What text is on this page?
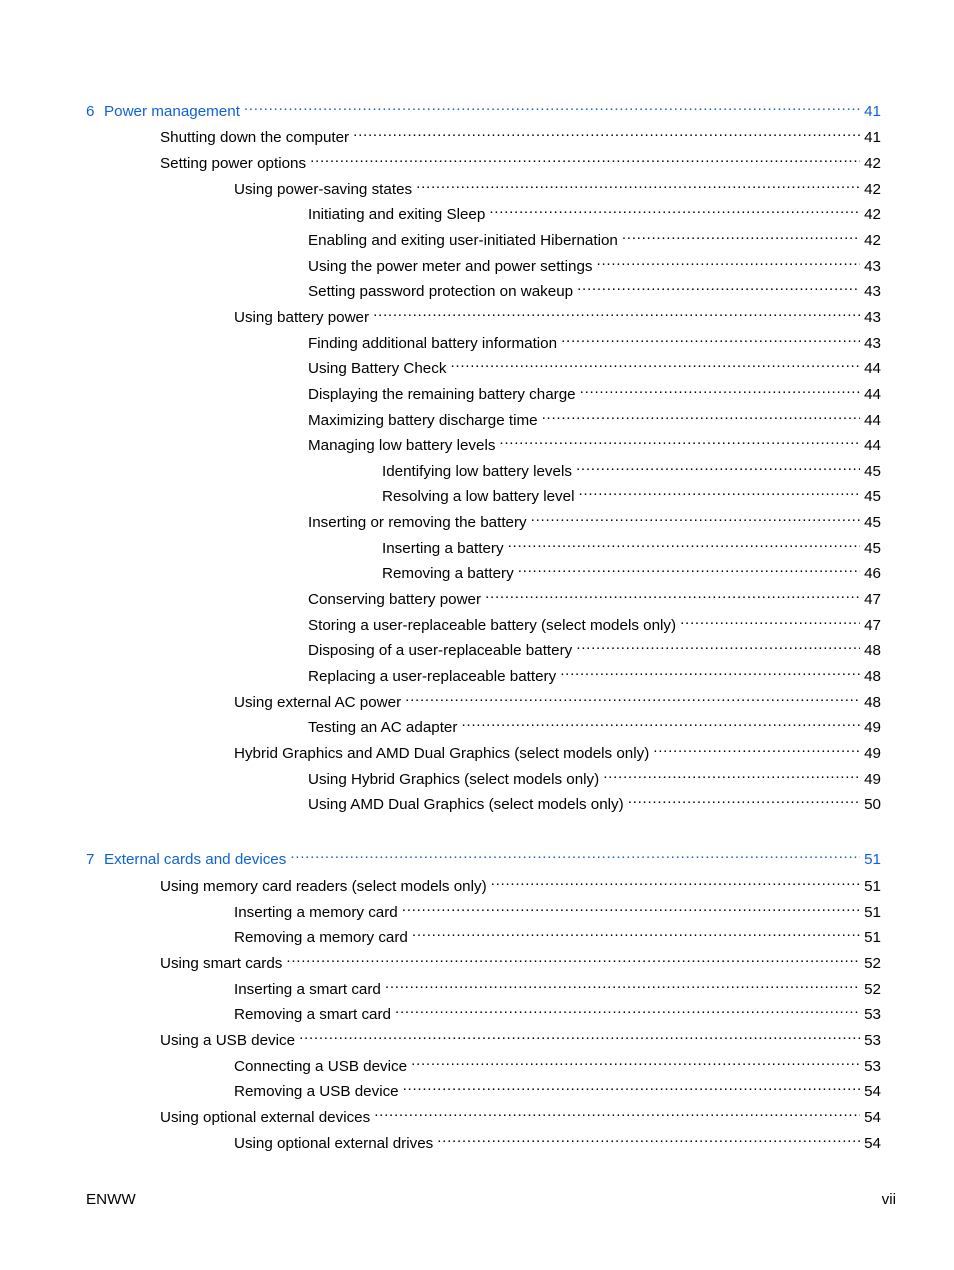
6 Power management . . .	41
Shutting down the computer . . .	41
Setting power options . . .	42
Using power-saving states . . .	42
Initiating and exiting Sleep . . .	42
Enabling and exiting user-initiated Hibernation . . .	42
Using the power meter and power settings . . .	43
Setting password protection on wakeup . . .	43
Using battery power . . .	43
Finding additional battery information . . .	43
Using Battery Check . . .	44
Displaying the remaining battery charge . . .	44
Maximizing battery discharge time . . .	44
Managing low battery levels . . .	44
Identifying low battery levels . . .	45
Resolving a low battery level . . .	45
Inserting or removing the battery . . .	45
Inserting a battery . . .	45
Removing a battery . . .	46
Conserving battery power . . .	47
Storing a user-replaceable battery (select models only) . . .	47
Disposing of a user-replaceable battery . . .	48
Replacing a user-replaceable battery . . .	48
Using external AC power . . .	48
Testing an AC adapter . . .	49
Hybrid Graphics and AMD Dual Graphics (select models only) . . .	49
Using Hybrid Graphics (select models only) . . .	49
Using AMD Dual Graphics (select models only) . . .	50
7 External cards and devices . . .	51
Using memory card readers (select models only) . . .	51
Inserting a memory card . . .	51
Removing a memory card . . .	51
Using smart cards . . .	52
Inserting a smart card . . .	52
Removing a smart card . . .	53
Using a USB device . . .	53
Connecting a USB device . . .	53
Removing a USB device . . .	54
Using optional external devices . . .	54
Using optional external drives . . .	54
ENWW	vii
